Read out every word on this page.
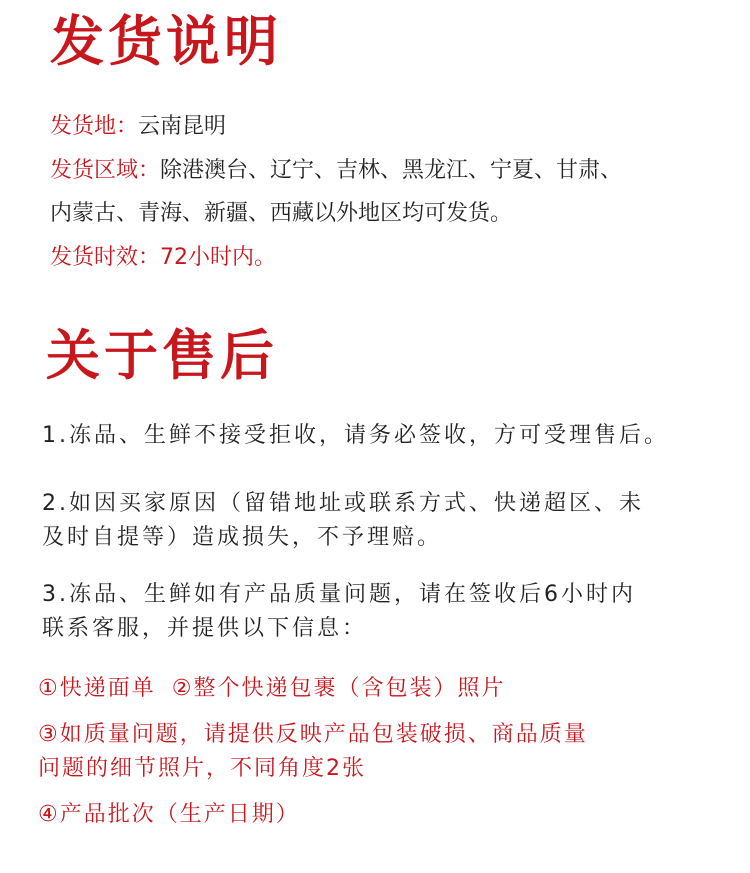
发货说明

发货地：云南昆明

发货区域：除港澳台、辽宁、吉林、黑龙江、宁夏、甘肃、

内蒙古、青海、新疆、西藏以外地区均可发货。

发货时效：72小时内。

关于售后

1.冻品、生鲜不接受拒收，请务必签收，方可受理售后。

2.如因买家原因（留错地址或联系方式、快递超区、未

及时自提等）造成损失，不予理赔。

3.冻品、生鲜如有产品质量问题，请在签收后6小时内

联系客服，并提供以下信息：

①快递面单 ②整个快递包裹（含包装）照片

③如质量问题，请提供反映产品包装破损、商品质量

问题的细节照片，不同角度2张

④产品批次（生产日期）
